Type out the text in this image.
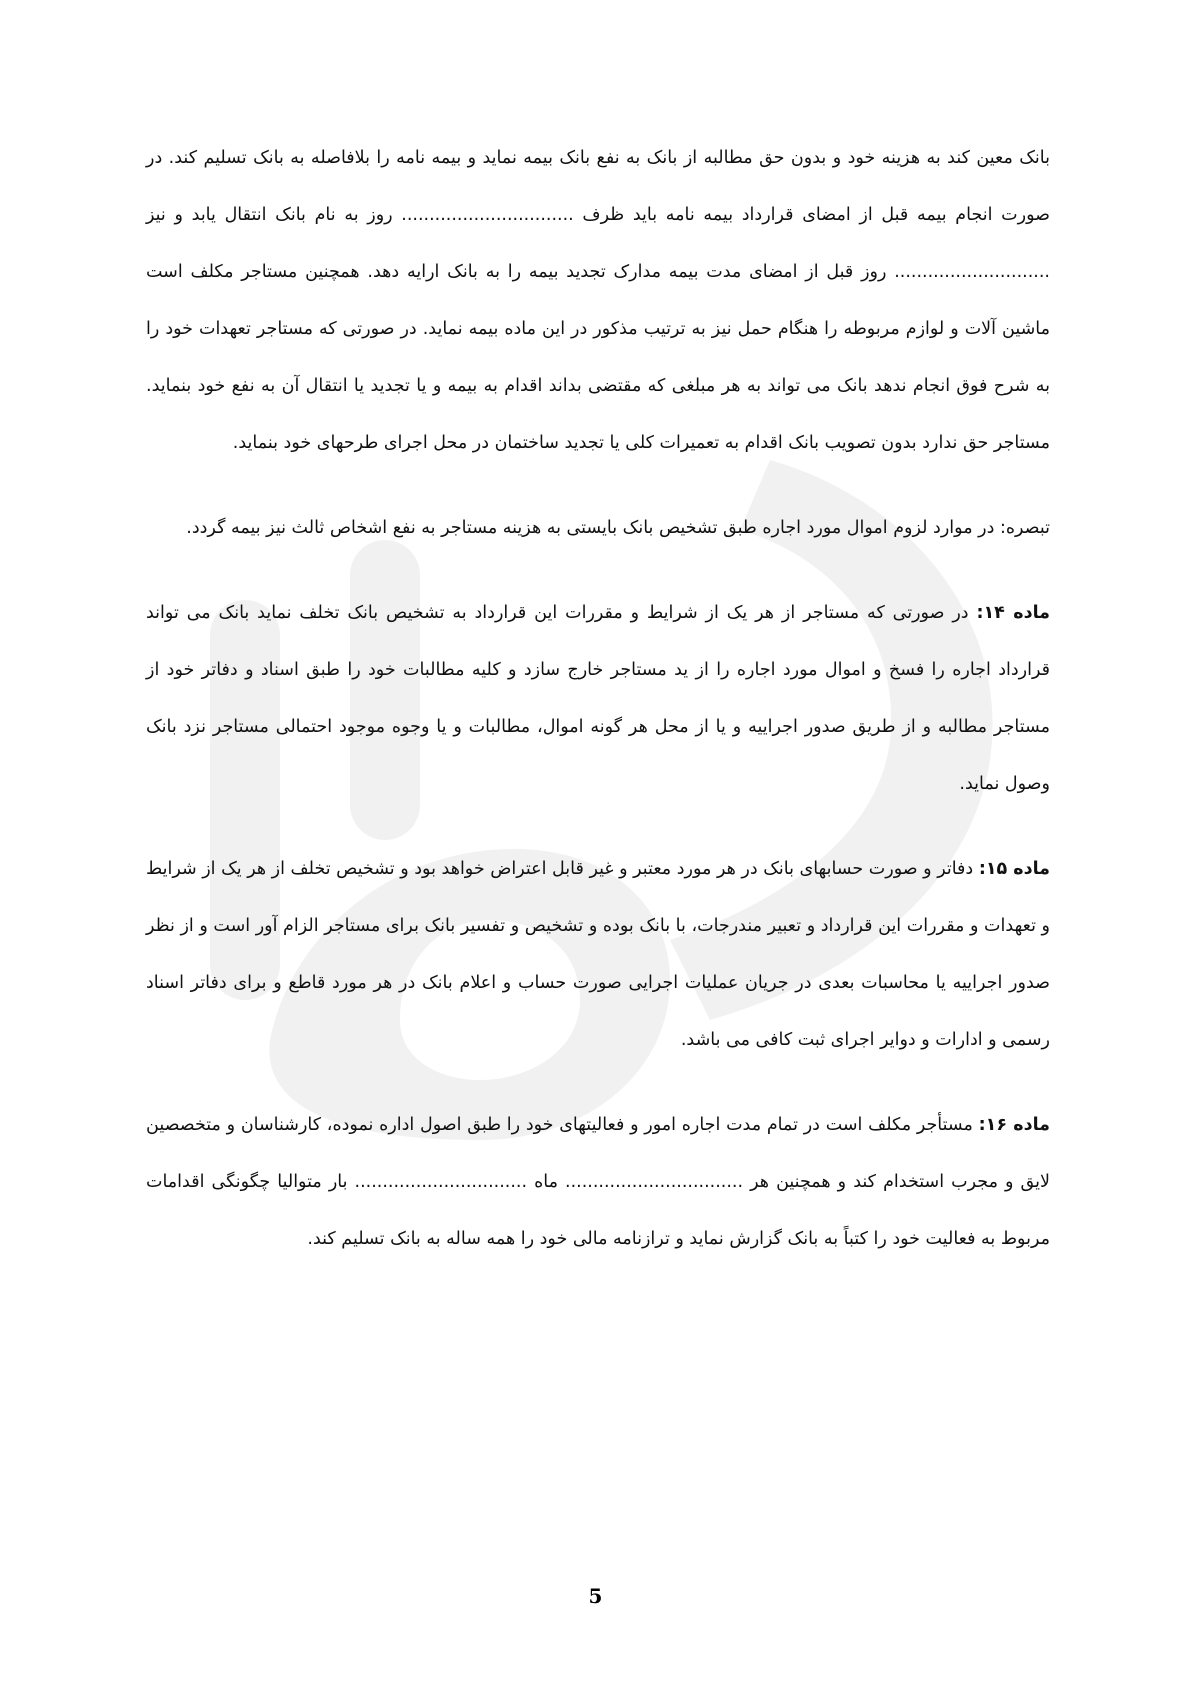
بانک معین کند به هزینه خود و بدون حق مطالبه از بانک به نفع بانک بیمه نماید و بیمه نامه را بلافاصله به بانک تسلیم کند. در صورت انجام بیمه قبل از امضای قرارداد بیمه نامه باید ظرف ............................... روز به نام بانک انتقال یابد و نیز ............................ روز قبل از امضای مدت بیمه مدارک تجدید بیمه را به بانک ارایه دهد. همچنین مستاجر مکلف است ماشین آلات و لوازم مربوطه را هنگام حمل نیز به ترتیب مذکور در این ماده بیمه نماید. در صورتی که مستاجر تعهدات خود را به شرح فوق انجام ندهد بانک می تواند به هر مبلغی که مقتضی بداند اقدام به بیمه و یا تجدید یا انتقال آن به نفع خود بنماید. مستاجر حق ندارد بدون تصویب بانک اقدام به تعمیرات کلی یا تجدید ساختمان در محل اجرای طرحهای خود بنماید.

تبصره: در موارد لزوم اموال مورد اجاره طبق تشخیص بانک بایستی به هزینه مستاجر به نفع اشخاص ثالث نیز بیمه گردد.

ماده ۱۴: در صورتی که مستاجر از هر یک از شرایط و مقررات این قرارداد به تشخیص بانک تخلف نماید بانک می تواند قرارداد اجاره را فسخ و اموال مورد اجاره را از ید مستاجر خارج سازد و کلیه مطالبات خود را طبق اسناد و دفاتر خود از مستاجر مطالبه و از طریق صدور اجراییه و یا از محل هر گونه اموال، مطالبات و یا وجوه موجود احتمالی مستاجر نزد بانک وصول نماید.

ماده ۱۵: دفاتر و صورت حسابهای بانک در هر مورد معتبر و غیر قابل اعتراض خواهد بود و تشخیص تخلف از هر یک از شرایط و تعهدات و مقررات این قرارداد و تعبیر مندرجات، با بانک بوده و تشخیص و تفسیر بانک برای مستاجر الزام آور است و از نظر صدور اجراییه یا محاسبات بعدی در جریان عملیات اجرایی صورت حساب و اعلام بانک در هر مورد قاطع و برای دفاتر اسناد رسمی و ادارات و دوایر اجرای ثبت کافی می باشد.

ماده ۱۶: مستأجر مکلف است در تمام مدت اجاره امور و فعالیتهای خود را طبق اصول اداره نموده، کارشناسان و متخصصین لایق و مجرب استخدام کند و همچنین هر ................................ ماه ............................... بار متوالیا چگونگی اقدامات مربوط به فعالیت خود را کتباً به بانک گزارش نماید و ترازنامه مالی خود را همه ساله به بانک تسلیم کند.

5
